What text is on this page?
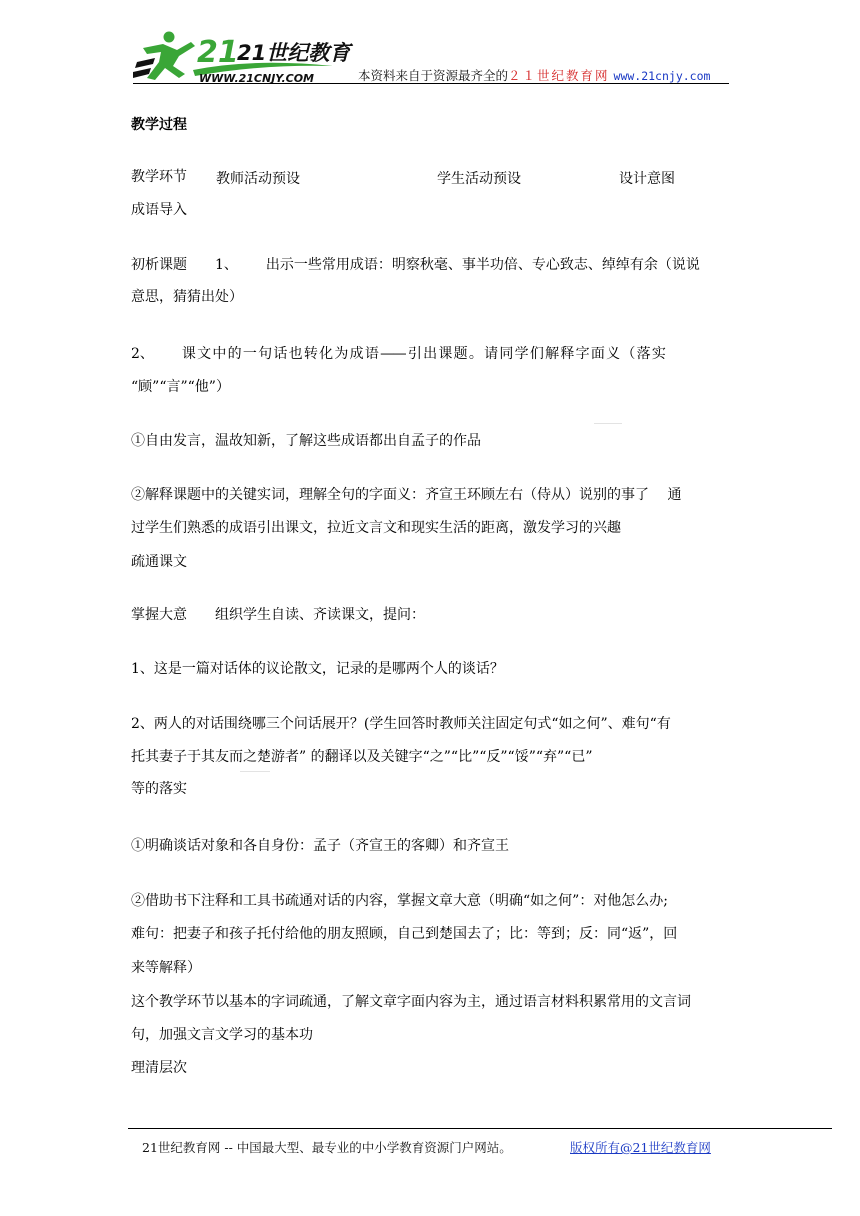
21
21世纪教育
WWW.21CNJY.COM	本资料来自于资源最齐全的２１世纪教育网 www.21cnjy.com
教学过程
教学环节 教师活动预设	学生活动预设	设计意图
成语导入
初析课题 1、 出示一些常用成语：明察秋毫、事半功倍、专心致志、绰绰有余（说说
意思，猜猜出处）
2、 课 文 中 的 一 句 话 也 转 化 为 成 语 —— 引 出 课 题 。 请 同 学 们 解 释 字 面 义 （ 落 实
“顾”“言”“他”）
①自由发言，温故知新，了解这些成语都出自孟子的作品
②解释课题中的关键实词，理解全句的字面义：齐宣王环顾左右（侍从）说别的事了　 通
过学生们熟悉的成语引出课文，拉近文言文和现实生活的距离，激发学习的兴趣
疏通课文
掌握大意 组织学生自读、齐读课文，提问：
1、这是一篇对话体的议论散文，记录的是哪两个人的谈话？
2、两人的对话围绕哪三个问话展开？(学生回答时教师关注固定句式“如之何”、难句“有
托其妻子于其友而之楚游者” 的翻译以及关键字“之”“比”“反”“馁”“弃”“已”
等的落实
①明确谈话对象和各自身份：孟子（齐宣王的客卿）和齐宣王
②借助书下注释和工具书疏通对话的内容，掌握文章大意（明确“如之何”：对他怎么办;
难句：把妻子和孩子托付给他的朋友照顾，自己到楚国去了；比：等到；反：同“返”，回
来等解释）
这个教学环节以基本的字词疏通，了解文章字面内容为主，通过语言材料积累常用的文言词
句，加强文言文学习的基本功
理清层次
21世纪教育网 -- 中国最大型、最专业的中小学教育资源门户网站。	版权所有@21世纪教育网
